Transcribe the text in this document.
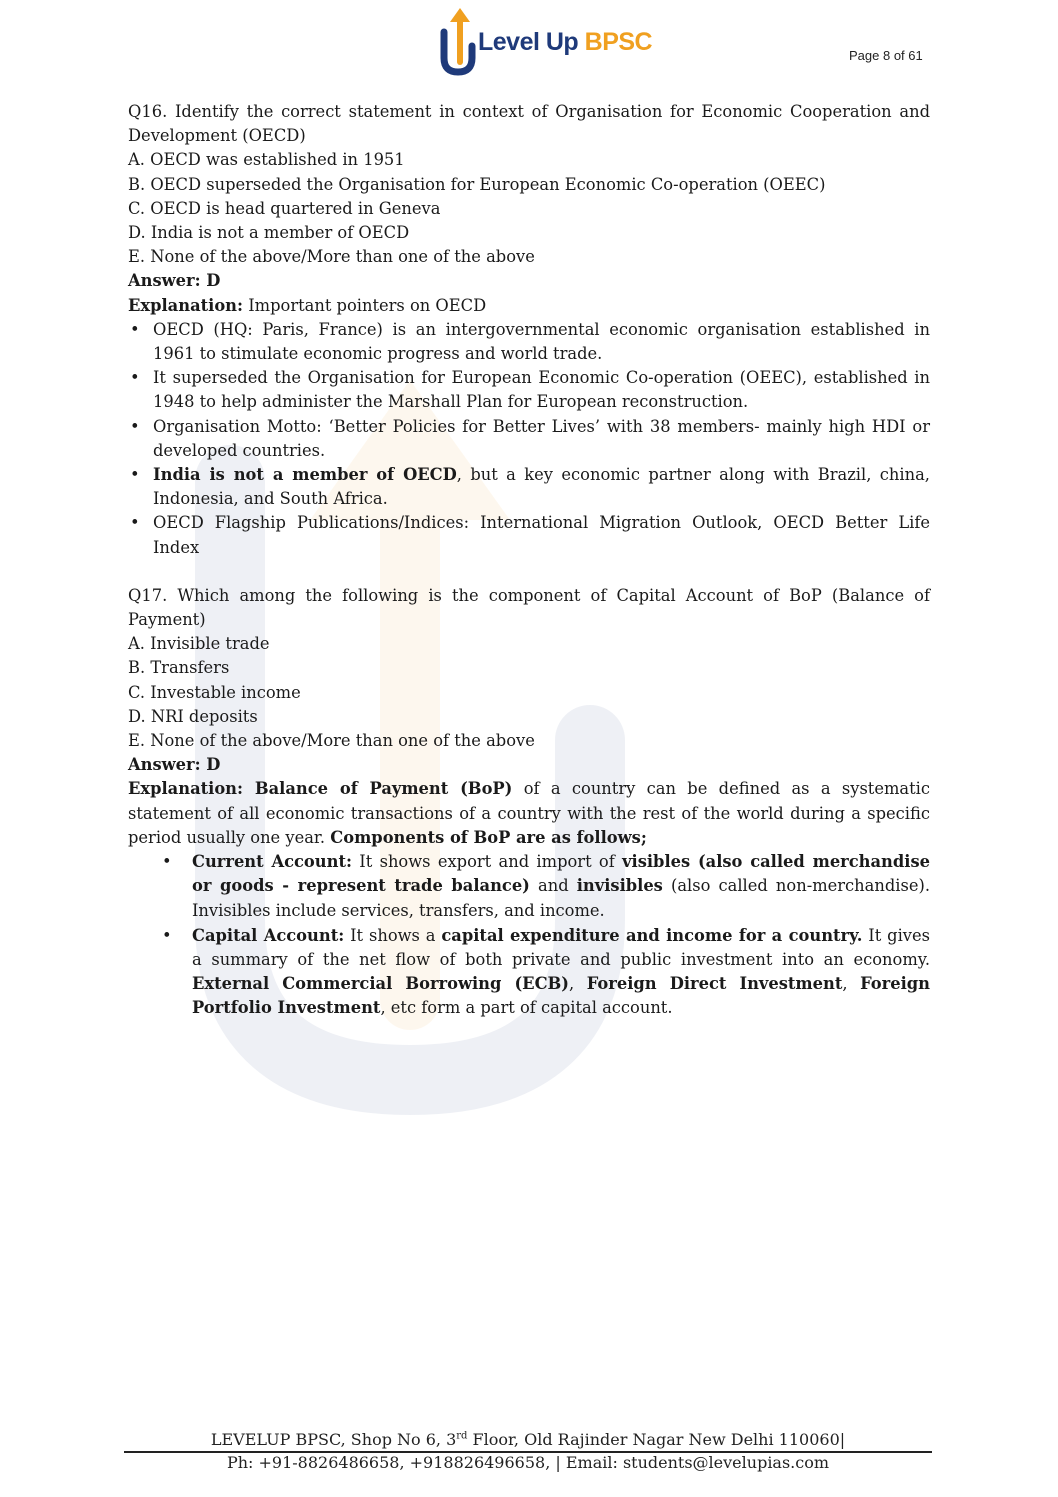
Level Up BPSC	Page 8 of 61

Q16. Identify the correct statement in context of Organisation for Economic Cooperation and Development (OECD)

A. OECD was established in 1951
B. OECD superseded the Organisation for European Economic Co-operation (OEEC)
C. OECD is head quartered in Geneva
D. India is not a member of OECD
E. None of the above/More than one of the above
Answer: D
Explanation: Important pointers on OECD
• OECD (HQ: Paris, France) is an intergovernmental economic organisation established in 1961 to stimulate economic progress and world trade.
• It superseded the Organisation for European Economic Co-operation (OEEC), established in 1948 to help administer the Marshall Plan for European reconstruction.
• Organisation Motto: ‘Better Policies for Better Lives’ with 38 members- mainly high HDI or developed countries.
• India is not a member of OECD, but a key economic partner along with Brazil, china, Indonesia, and South Africa.
• OECD Flagship Publications/Indices: International Migration Outlook, OECD Better Life Index

Q17. Which among the following is the component of Capital Account of BoP (Balance of Payment)

A. Invisible trade
B. Transfers
C. Investable income
D. NRI deposits
E. None of the above/More than one of the above
Answer: D

Explanation: Balance of Payment (BoP) of a country can be defined as a systematic statement of all economic transactions of a country with the rest of the world during a specific period usually one year. Components of BoP are as follows;

• Current Account: It shows export and import of visibles (also called merchandise or goods - represent trade balance) and invisibles (also called non-merchandise). Invisibles include services, transfers, and income.
• Capital Account: It shows a capital expenditure and income for a country. It gives a summary of the net flow of both private and public investment into an economy. External Commercial Borrowing (ECB), Foreign Direct Investment, Foreign Portfolio Investment, etc form a part of capital account.
LEVELUP BPSC, Shop No 6, 3rd Floor, Old Rajinder Nagar New Delhi 110060|
Ph: +91-8826486658, +918826496658, | Email: students@levelupias.com
